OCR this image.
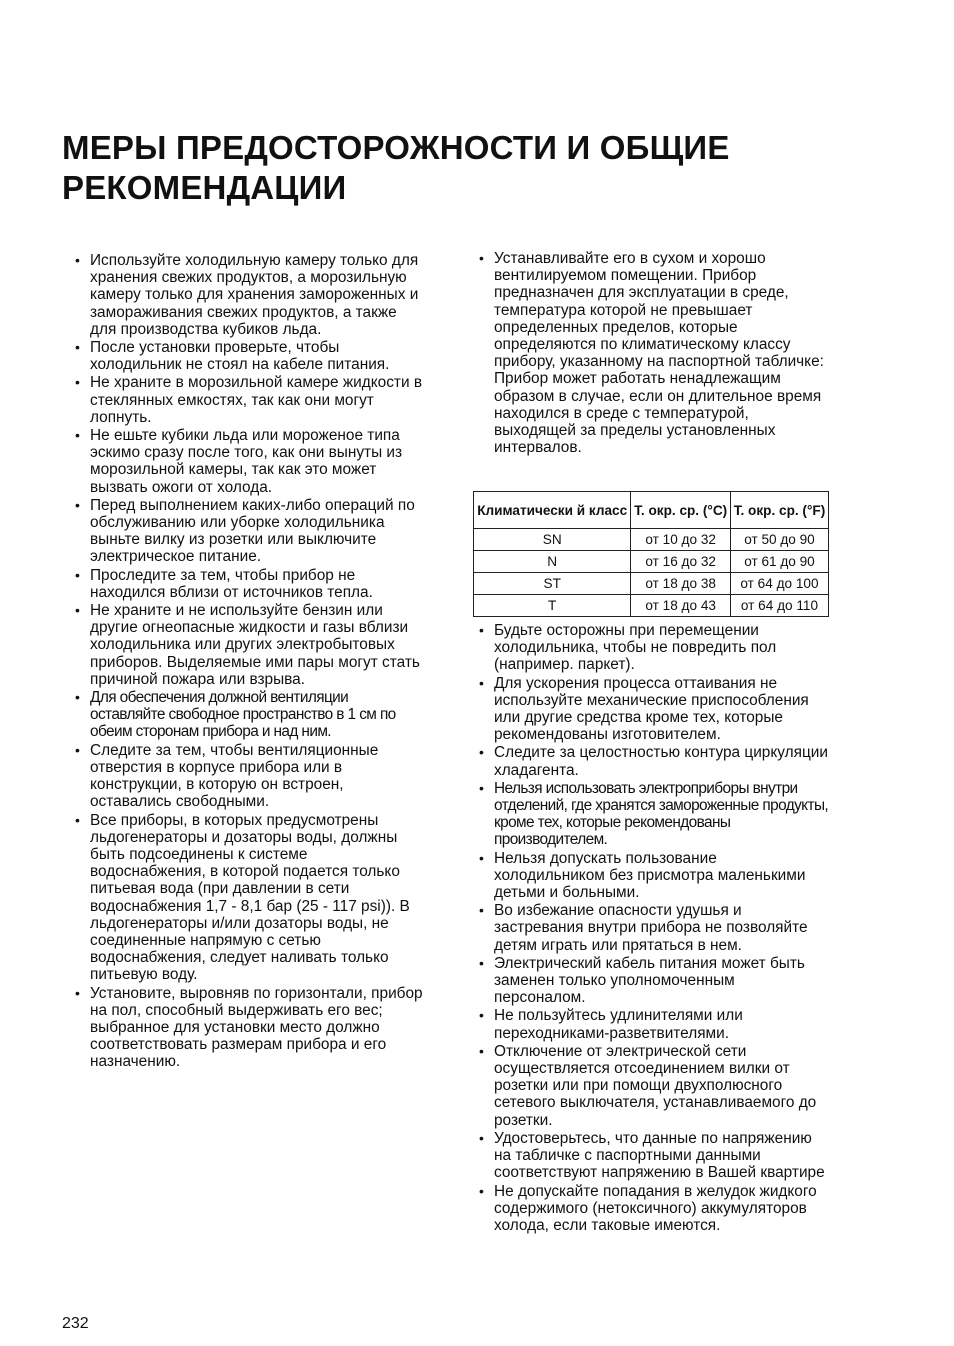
МЕРЫ ПРЕДОСТОРОЖНОСТИ И ОБЩИЕ РЕКОМЕНДАЦИИ
• Используйте холодильную камеру только для хранения свежих продуктов, а морозильную камеру только для хранения замороженных и замораживания свежих продуктов, а также для производства кубиков льда.
• После установки проверьте, чтобы холодильник не стоял на кабеле питания.
• Не храните в морозильной камере жидкости в стеклянных емкостях, так как они могут лопнуть.
• Не ешьте кубики льда или мороженое типа эскимо сразу после того, как они вынуты из морозильной камеры, так как это может вызвать ожоги от холода.
• Перед выполнением каких-либо операций по обслуживанию или уборке холодильника выньте вилку из розетки или выключите электрическое питание.
• Проследите за тем, чтобы прибор не находился вблизи от источников тепла.
• Не храните и не используйте бензин или другие огнеопасные жидкости и газы вблизи холодильника или других электробытовых приборов. Выделяемые ими пары могут стать причиной пожара или взрыва.
• Для обеспечения должной вентиляции оставляйте свободное пространство в 1 см по обеим сторонам прибора и над ним.
• Следите за тем, чтобы вентиляционные отверстия в корпусе прибора или в конструкции, в которую он встроен, оставались свободными.
• Все приборы, в которых предусмотрены льдогенераторы и дозаторы воды, должны быть подсоединены к системе водоснабжения, в которой подается только питьевая вода (при давлении в сети водоснабжения 1,7 - 8,1 бар (25 - 117 psi)). В льдогенераторы и/или дозаторы воды, не соединенные напрямую с сетью водоснабжения, следует наливать только питьевую воду.
• Установите, выровняв по горизонтали, прибор на пол, способный выдерживать его вес; выбранное для установки место должно соответствовать размерам прибора и его назначению.
• Устанавливайте его в сухом и хорошо вентилируемом помещении. Прибор предназначен для эксплуатации в среде, температура которой не превышает определенных пределов, которые определяются по климатическому классу прибору, указанному на паспортной табличке: Прибор может работать ненадлежащим образом в случае, если он длительное время находился в среде с температурой, выходящей за пределы установленных интервалов.
Климатически й класс	Т. окр. ср. (°C)	Т. окр. ср. (°F)
SN	от 10 до 32	от 50 до 90
N	от 16 до 32	от 61 до 90
ST	от 18 до 38	от 64 до 100
T	от 18 до 43	от 64 до 110
• Будьте осторожны при перемещении холодильника, чтобы не повредить пол (например. паркет).
• Для ускорения процесса оттаивания не используйте механические приспособления или другие средства кроме тех, которые рекомендованы изготовителем.
• Следите за целостностью контура циркуляции хладагента.
• Нельзя использовать электроприборы внутри отделений, где хранятся замороженные продукты, кроме тех, которые рекомендованы производителем.
• Нельзя допускать пользование холодильником без присмотра маленькими детьми и больными.
• Во избежание опасности удушья и застревания внутри прибора не позволяйте детям играть или прятаться в нем.
• Электрический кабель питания может быть заменен только уполномоченным персоналом.
• Не пользуйтесь удлинителями или переходниками-разветвителями.
• Отключение от электрической сети осуществляется отсоединением вилки от розетки или при помощи двухполюсного сетевого выключателя, устанавливаемого до розетки.
• Удостоверьтесь, что данные по напряжению на табличке с паспортными данными соответствуют напряжению в Вашей квартире
• Не допускайте попадания в желудок жидкого содержимого (нетоксичного) аккумуляторов холода, если таковые имеются.
232
